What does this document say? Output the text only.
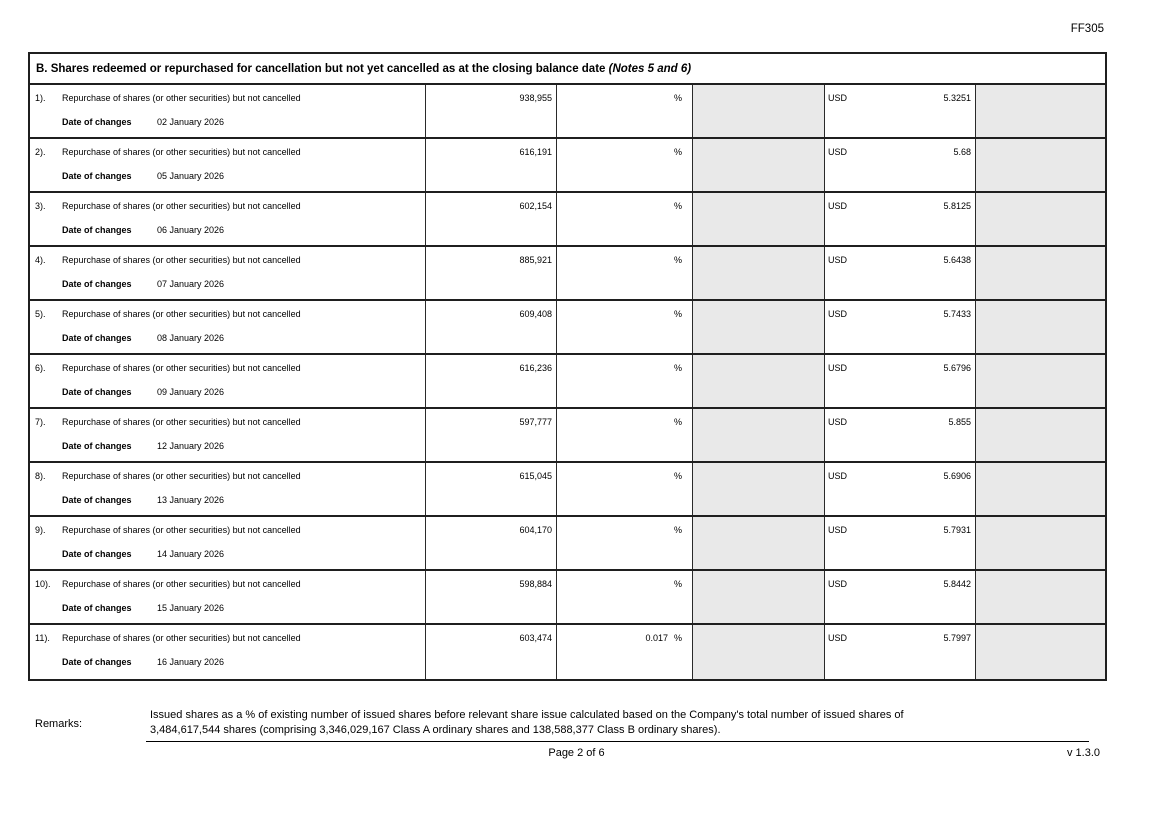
FF305
B. Shares redeemed or repurchased for cancellation but not yet cancelled as at the closing balance date (Notes 5 and 6)
1).	Repurchase of shares (or other securities) but not cancelled
Date of changes	02 January 2026
938,955	%	USD	5.3251
2).	Repurchase of shares (or other securities) but not cancelled
Date of changes	05 January 2026
616,191	%	USD	5.68
3).	Repurchase of shares (or other securities) but not cancelled
Date of changes	06 January 2026
602,154	%	USD	5.8125
4).	Repurchase of shares (or other securities) but not cancelled
Date of changes	07 January 2026
885,921	%	USD	5.6438
5).	Repurchase of shares (or other securities) but not cancelled
Date of changes	08 January 2026
609,408	%	USD	5.7433
6).	Repurchase of shares (or other securities) but not cancelled
Date of changes	09 January 2026
616,236	%	USD	5.6796
7).	Repurchase of shares (or other securities) but not cancelled
Date of changes	12 January 2026
597,777	%	USD	5.855
8).	Repurchase of shares (or other securities) but not cancelled
Date of changes	13 January 2026
615,045	%	USD	5.6906
9).	Repurchase of shares (or other securities) but not cancelled
Date of changes	14 January 2026
604,170	%	USD	5.7931
10).	Repurchase of shares (or other securities) but not cancelled
Date of changes	15 January 2026
598,884	%	USD	5.8442
11).	Repurchase of shares (or other securities) but not cancelled
Date of changes	16 January 2026
603,474	0.017 %	USD	5.7997
Remarks:
Issued shares as a % of existing number of issued shares before relevant share issue calculated based on the Company's total number of issued shares of
3,484,617,544 shares (comprising 3,346,029,167 Class A ordinary shares and 138,588,377 Class B ordinary shares).
Page 2 of 6	v 1.3.0
